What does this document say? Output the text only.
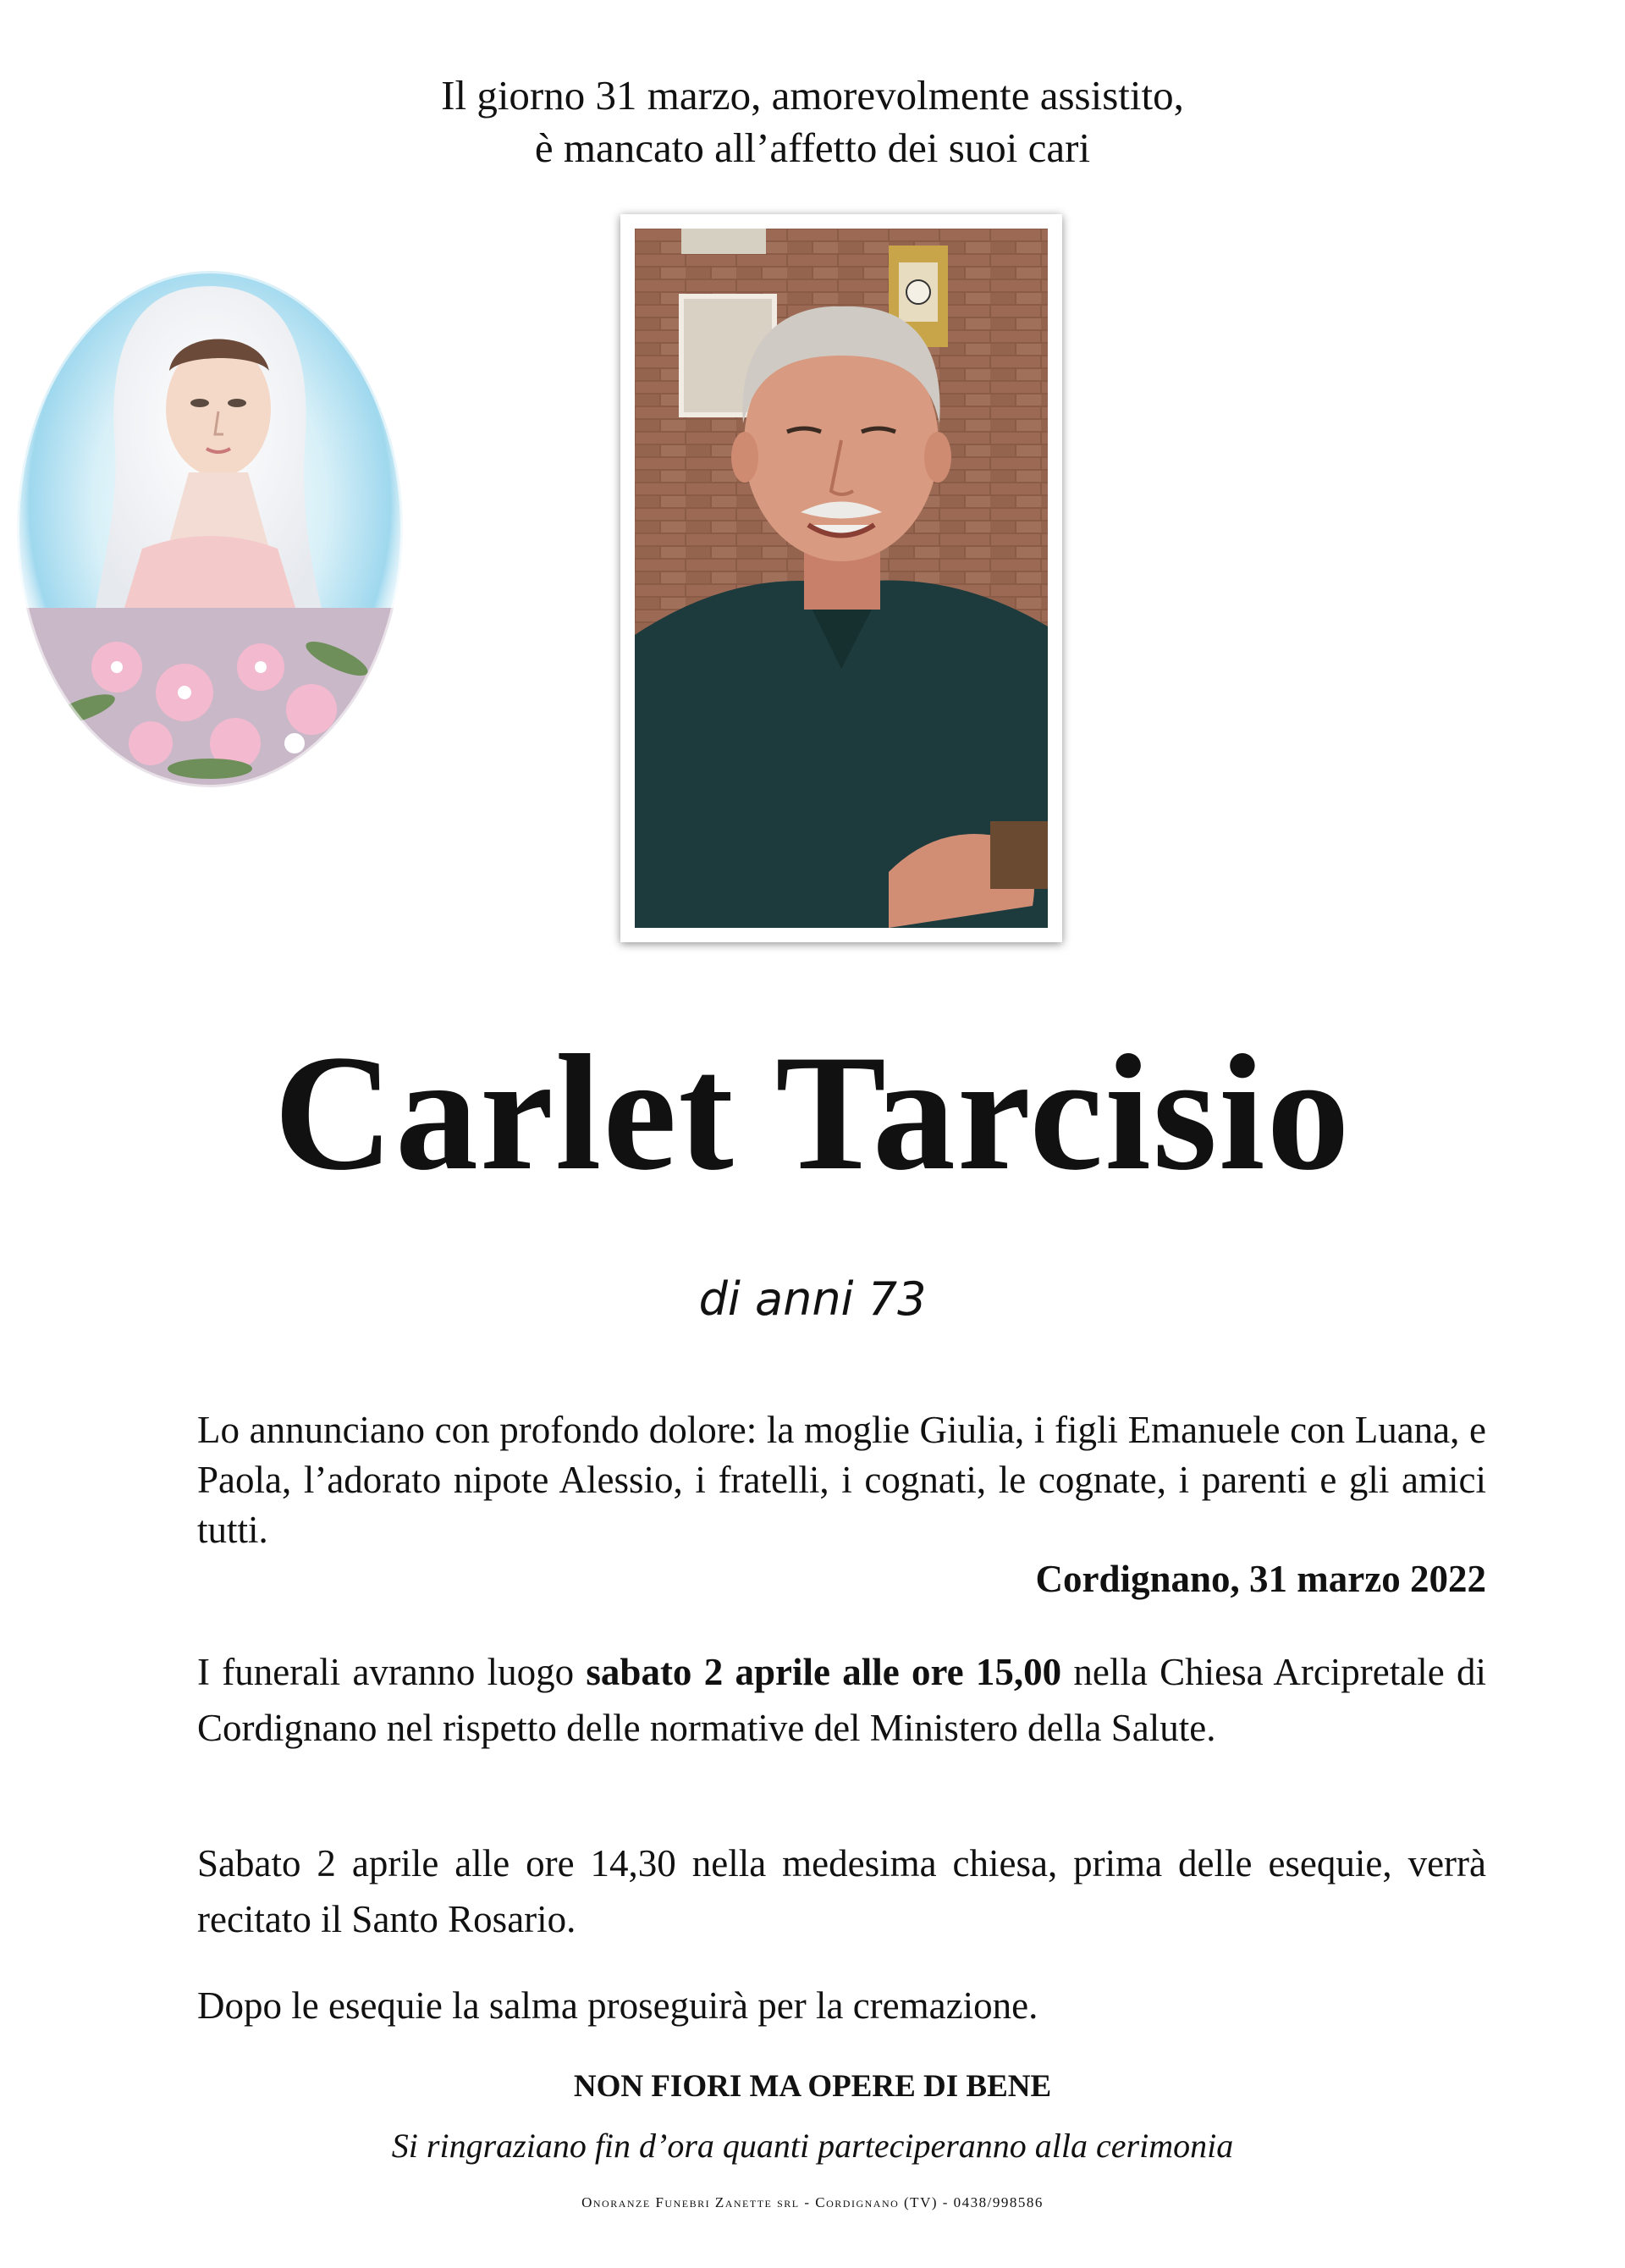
Il giorno 31 marzo, amorevolmente assistito,
è mancato all’affetto dei suoi cari
Carlet Tarcisio
di anni 73
Lo annunciano con profondo dolore: la moglie Giulia, i figli Emanuele con Luana, e Paola, l’adorato nipote Alessio, i fratelli, i cognati, le cognate, i parenti e gli amici tutti.
Cordignano, 31 marzo 2022
I funerali avranno luogo sabato 2 aprile alle ore 15,00 nella Chiesa Arcipretale di Cordignano nel rispetto delle normative del Ministero della Salute.
Sabato 2 aprile alle ore 14,30 nella medesima chiesa, prima delle esequie, verrà recitato il Santo Rosario.
Dopo le esequie la salma proseguirà per la cremazione.
NON FIORI MA OPERE DI BENE
Si ringraziano fin d’ora quanti parteciperanno alla cerimonia
Onoranze Funebri Zanette srl - Cordignano (TV) - 0438/998586
